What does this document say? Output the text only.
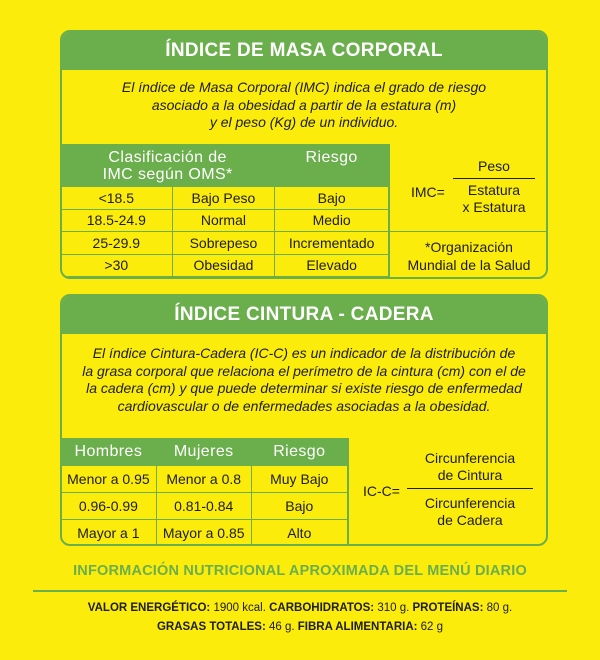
ÍNDICE DE MASA CORPORAL
El índice de Masa Corporal (IMC) indica el grado de riesgo
asociado a la obesidad a partir de la estatura (m)
y el peso (Kg) de un individuo.
Clasificación de IMC según OMS*		Riesgo
<18.5	Bajo Peso	Bajo
18.5-24.9	Normal	Medio
25-29.9	Sobrepeso	Incrementado
>30	Obesidad	Elevado
IMC=
Peso
Estatura
x Estatura
*Organización
Mundial de la Salud
ÍNDICE CINTURA - CADERA
El índice Cintura-Cadera (IC-C) es un indicador de la distribución de
la grasa corporal que relaciona el perímetro de la cintura (cm) con el de
la cadera (cm) y que puede determinar si existe riesgo de enfermedad
cardiovascular o de enfermedades asociadas a la obesidad.
Hombres	Mujeres	Riesgo
Menor a 0.95	Menor a 0.8	Muy Bajo
0.96-0.99	0.81-0.84	Bajo
Mayor a 1	Mayor a 0.85	Alto
IC-C=
Circunferencia
de Cintura
Circunferencia
de Cadera
INFORMACIÓN NUTRICIONAL APROXIMADA DEL MENÚ DIARIO
VALOR ENERGÉTICO: 1900 kcal. CARBOHIDRATOS: 310 g. PROTEÍNAS: 80 g.
GRASAS TOTALES: 46 g. FIBRA ALIMENTARIA: 62 g
